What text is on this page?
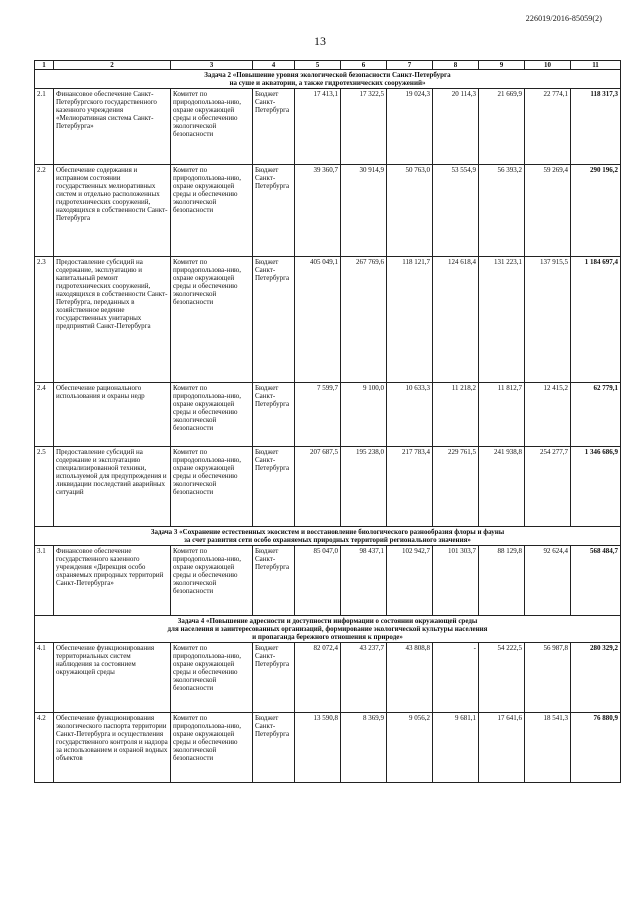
226019/2016-85059(2)
13
1	2	3	4	5	6	7	8	9	10	11

Задача 2 «Повышение уровня экологической безопасности Санкт-Петербурга
на суше и акватории, а также гидротехнических сооружений»										

2.1	Финансовое обеспечение Санкт-Петербургского государственного казенного учреждения «Мелиоративная система Санкт-Петербурга»	Комитет по природопользова-нию, охране окружающей среды и обеспечению экологической безопасности	Бюджет Санкт-Петербурга	17 413,1	17 322,5	19 024,3	20 114,3	21 669,9	22 774,1	118 317,3
2.2	Обеспечение содержания и исправном состоянии государственных мелиоративных систем и отдельно расположенных гидротехнических сооружений, находящихся в собственности Санкт-Петербурга	Комитет по природопользова-нию, охране окружающей среды и обеспечению экологической безопасности	Бюджет Санкт-Петербурга	39 360,7	30 914,9	50 763,0	53 554,9	56 393,2	59 269,4	290 196,2
2.3	Предоставление субсидий на содержание, эксплуатацию и капитальный ремонт гидротехнических сооружений, находящихся в собственности Санкт-Петербурга, переданных в хозяйственное ведение государственных унитарных предприятий Санкт-Петербурга	Комитет по природопользова-нию, охране окружающей среды и обеспечению экологической безопасности	Бюджет Санкт-Петербурга	405 049,1	267 769,6	118 121,7	124 618,4	131 223,1	137 915,5	1 184 697,4
2.4	Обеспечение рационального использования и охраны недр	Комитет по природопользова-нию, охране окружающей среды и обеспечению экологической безопасности	Бюджет Санкт-Петербурга	7 599,7	9 100,0	10 633,3	11 218,2	11 812,7	12 415,2	62 779,1
2.5	Предоставление субсидий на содержание и эксплуатацию специализированной техники, используемой для предупреждения и ликвидации последствий аварийных ситуаций	Комитет по природопользова-нию, охране окружающей среды и обеспечению экологической безопасности	Бюджет Санкт-Петербурга	207 687,5	195 238,0	217 783,4	229 761,5	241 938,8	254 277,7	1 346 686,9

Задача 3 «Сохранение естественных экосистем и восстановление биологического разнообразия флоры и фауны
за счет развития сети особо охраняемых природных территорий регионального значения»										

3.1	Финансовое обеспечение государственного казенного учреждения «Дирекция особо охраняемых природных территорий Санкт-Петербурга»	Комитет по природопользова-нию, охране окружающей среды и обеспечению экологической безопасности	Бюджет Санкт-Петербурга	85 047,0	98 437,1	102 942,7	101 303,7	88 129,8	92 624,4	568 484,7

Задача 4 «Повышение адресности и доступности информации о состоянии окружающей среды
для населения и заинтересованных организаций, формирование экологической культуры населения
и пропаганда бережного отношения к природе»										

4.1	Обеспечение функционирования территориальных систем наблюдения за состоянием окружающей среды	Комитет по природопользова-нию, охране окружающей среды и обеспечению экологической безопасности	Бюджет Санкт-Петербурга	82 072,4	43 237,7	43 808,8	-	54 222,5	56 987,8	280 329,2
4.2	Обеспечение функционирования экологического паспорта территории Санкт-Петербурга и осуществления государственного контроля и надзора за использованием и охраной водных объектов	Комитет по природопользова-нию, охране окружающей среды и обеспечению экологической безопасности	Бюджет Санкт-Петербурга	13 590,8	8 369,9	9 056,2	9 681,1	17 641,6	18 541,3	76 880,9
